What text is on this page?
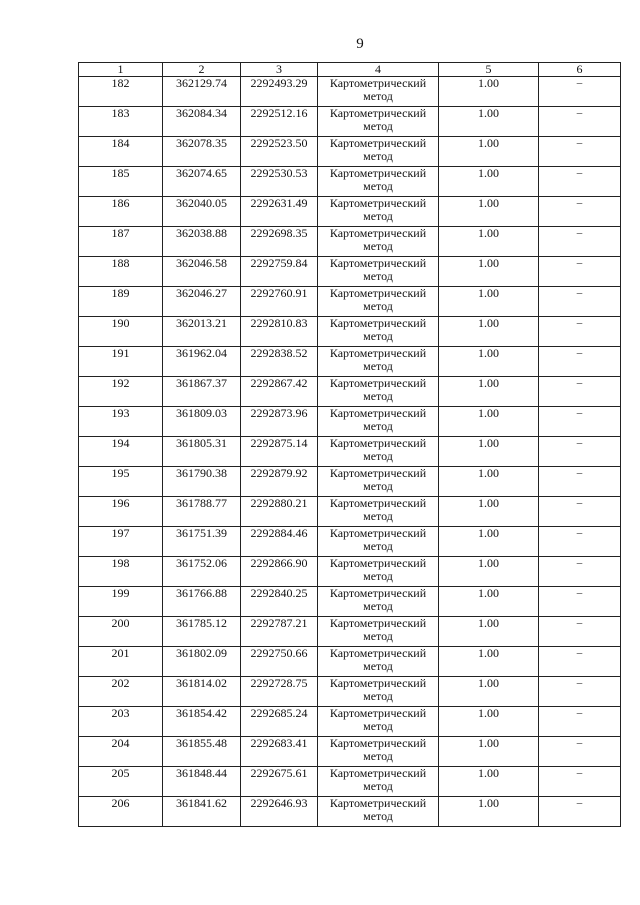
9
1	2	3	4	5	6
182	362129.74	2292493.29	Картометрический метод	1.00	–
183	362084.34	2292512.16	Картометрический метод	1.00	–
184	362078.35	2292523.50	Картометрический метод	1.00	–
185	362074.65	2292530.53	Картометрический метод	1.00	–
186	362040.05	2292631.49	Картометрический метод	1.00	–
187	362038.88	2292698.35	Картометрический метод	1.00	–
188	362046.58	2292759.84	Картометрический метод	1.00	–
189	362046.27	2292760.91	Картометрический метод	1.00	–
190	362013.21	2292810.83	Картометрический метод	1.00	–
191	361962.04	2292838.52	Картометрический метод	1.00	–
192	361867.37	2292867.42	Картометрический метод	1.00	–
193	361809.03	2292873.96	Картометрический метод	1.00	–
194	361805.31	2292875.14	Картометрический метод	1.00	–
195	361790.38	2292879.92	Картометрический метод	1.00	–
196	361788.77	2292880.21	Картометрический метод	1.00	–
197	361751.39	2292884.46	Картометрический метод	1.00	–
198	361752.06	2292866.90	Картометрический метод	1.00	–
199	361766.88	2292840.25	Картометрический метод	1.00	–
200	361785.12	2292787.21	Картометрический метод	1.00	–
201	361802.09	2292750.66	Картометрический метод	1.00	–
202	361814.02	2292728.75	Картометрический метод	1.00	–
203	361854.42	2292685.24	Картометрический метод	1.00	–
204	361855.48	2292683.41	Картометрический метод	1.00	–
205	361848.44	2292675.61	Картометрический метод	1.00	–
206	361841.62	2292646.93	Картометрический метод	1.00	–
